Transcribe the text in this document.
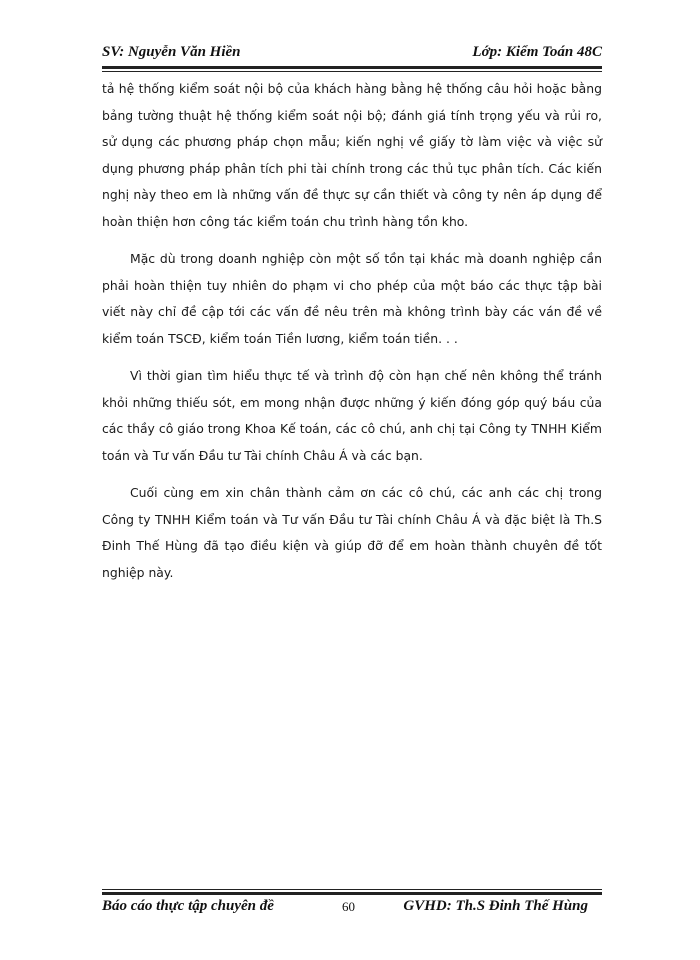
SV: Nguyễn Văn Hiền	Lớp: Kiểm Toán 48C

tả hệ thống kiểm soát nội bộ của khách hàng bằng hệ thống câu hỏi hoặc bằng bảng tường thuật hệ thống kiểm soát nội bộ; đánh giá tính trọng yếu và rủi ro, sử dụng các phương pháp chọn mẫu; kiến nghị về giấy tờ làm việc và việc sử dụng phương pháp phân tích phi tài chính trong các thủ tục phân tích. Các kiến nghị này theo em là những vấn đề thực sự cần thiết và công ty nên áp dụng để hoàn thiện hơn công tác kiểm toán chu trình hàng tồn kho.

Mặc dù trong doanh nghiệp còn một số tồn tại khác mà doanh nghiệp cần phải hoàn thiện tuy nhiên do phạm vi cho phép của một báo các thực tập bài viết này chỉ đề cập tới các vấn đề nêu trên mà không trình bày các ván đề về kiểm toán TSCĐ, kiểm toán Tiền lương, kiểm toán tiền. . .

Vì thời gian tìm hiểu thực tế và trình độ còn hạn chế nên không thể tránh khỏi những thiếu sót, em mong nhận được những ý kiến đóng góp quý báu của các thầy cô giáo trong Khoa Kế toán, các cô chú, anh chị tại Công ty TNHH Kiểm toán và Tư vấn Đầu tư Tài chính Châu Á và các bạn.

Cuối cùng em xin chân thành cảm ơn các cô chú, các anh các chị trong Công ty TNHH Kiểm toán và Tư vấn Đầu tư Tài chính Châu Á và đặc biệt là Th.S Đinh Thế Hùng đã tạo điều kiện và giúp đỡ để em hoàn thành chuyên đề tốt nghiệp này.

Báo cáo thực tập chuyên đề	60	GVHD: Th.S Đinh Thế Hùng
